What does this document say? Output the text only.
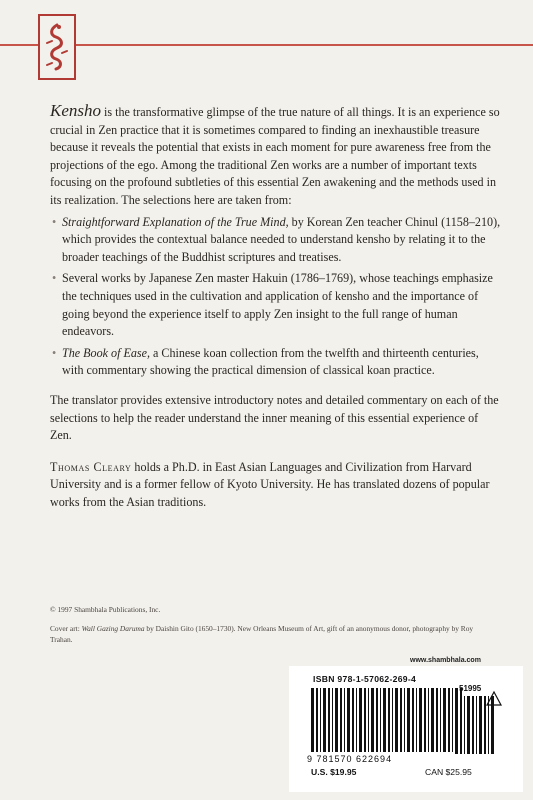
Kensho is the transformative glimpse of the true nature of all things. It is an experience so crucial in Zen practice that it is sometimes compared to finding an inexhaustible treasure because it reveals the potential that exists in each moment for pure awareness free from the projections of the ego. Among the traditional Zen works are a number of important texts focusing on the profound subtleties of this essential Zen awakening and the methods used in its realization. The selections here are taken from:

• Straightforward Explanation of the True Mind, by Korean Zen teacher Chinul (1158–210), which provides the contextual balance needed to understand kensho by relating it to the broader teachings of the Buddhist scriptures and treatises.
• Several works by Japanese Zen master Hakuin (1786–1769), whose teachings emphasize the techniques used in the cultivation and application of kensho and the importance of going beyond the experience itself to apply Zen insight to the full range of human endeavors.
• The Book of Ease, a Chinese koan collection from the twelfth and thirteenth centuries, with commentary showing the practical dimension of classical koan practice.

The translator provides extensive introductory notes and detailed commentary on each of the selections to help the reader understand the inner meaning of this essential experience of Zen.

Thomas Cleary holds a Ph.D. in East Asian Languages and Civilization from Harvard University and is a former fellow of Kyoto University. He has translated dozens of popular works from the Asian traditions.

© 1997 Shambhala Publications, Inc.
Cover art: Wall Gazing Daruma by Daishin Gito (1650–1730). New Orleans Museum of Art, gift of an anonymous donor, photography by Roy Trahan.
www.shambhala.com
ISBN 978-1-57062-269-4
51995
9 781570 622694
U.S. $19.95	CAN $25.95
